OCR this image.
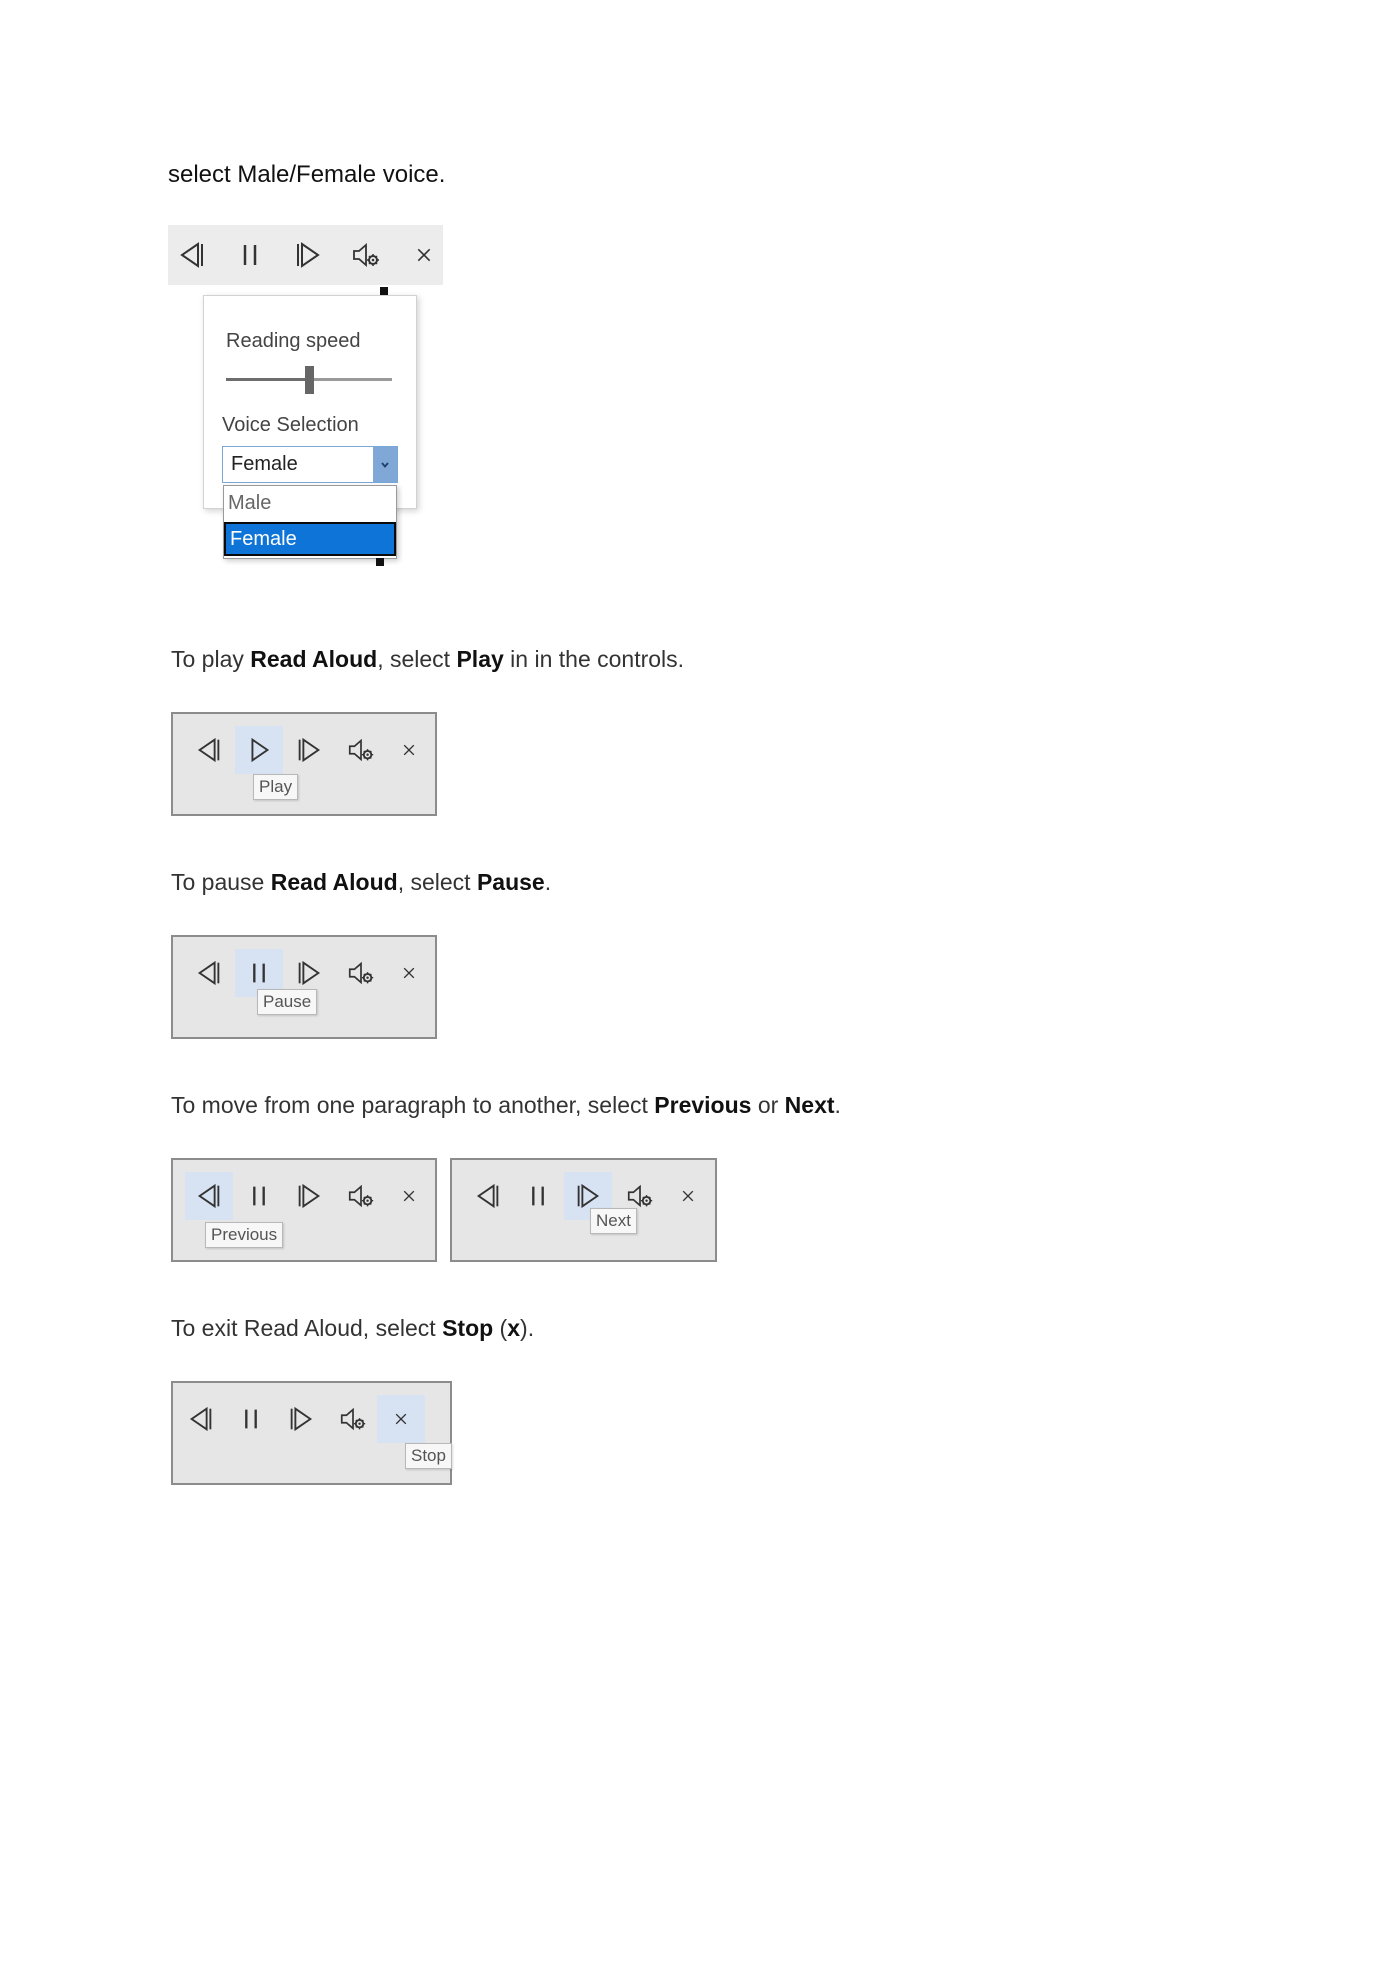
select Male/Female voice.
Reading speed
Voice Selection
Female
Male
Female
To play Read Aloud, select Play in in the controls.
Play
To pause Read Aloud, select Pause.
Pause
To move from one paragraph to another, select Previous or Next.
Previous
Next
To exit Read Aloud, select Stop (x).
Stop
